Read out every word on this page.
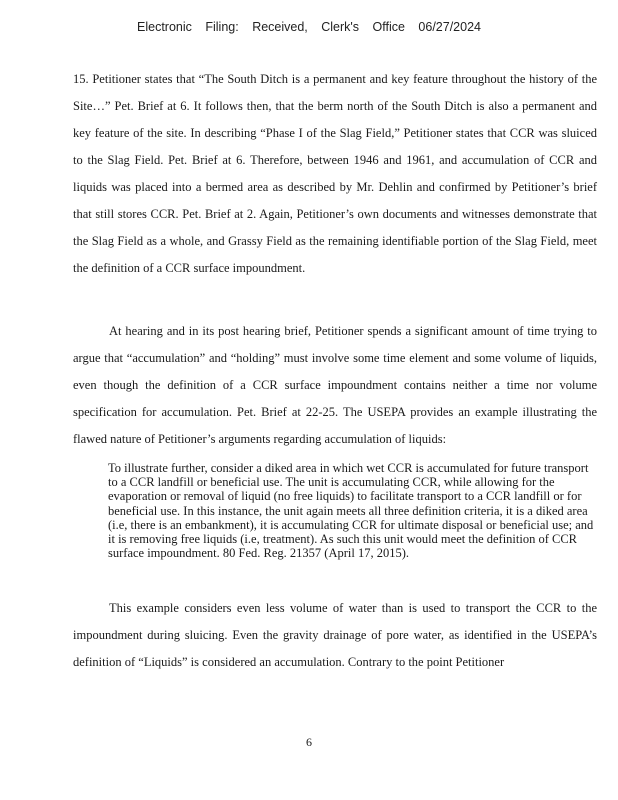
Electronic Filing: Received, Clerk's Office 06/27/2024

15. Petitioner states that “The South Ditch is a permanent and key feature throughout the history of the Site…” Pet. Brief at 6. It follows then, that the berm north of the South Ditch is also a permanent and key feature of the site. In describing “Phase I of the Slag Field,” Petitioner states that CCR was sluiced to the Slag Field. Pet. Brief at 6. Therefore, between 1946 and 1961, and accumulation of CCR and liquids was placed into a bermed area as described by Mr. Dehlin and confirmed by Petitioner’s brief that still stores CCR. Pet. Brief at 2. Again, Petitioner’s own documents and witnesses demonstrate that the Slag Field as a whole, and Grassy Field as the remaining identifiable portion of the Slag Field, meet the definition of a CCR surface impoundment.

At hearing and in its post hearing brief, Petitioner spends a significant amount of time trying to argue that “accumulation” and “holding” must involve some time element and some volume of liquids, even though the definition of a CCR surface impoundment contains neither a time nor volume specification for accumulation. Pet. Brief at 22-25. The USEPA provides an example illustrating the flawed nature of Petitioner’s arguments regarding accumulation of liquids:

To illustrate further, consider a diked area in which wet CCR is accumulated for future transport to a CCR landfill or beneficial use. The unit is accumulating CCR, while allowing for the evaporation or removal of liquid (no free liquids) to facilitate transport to a CCR landfill or for beneficial use. In this instance, the unit again meets all three definition criteria, it is a diked area (i.e, there is an embankment), it is accumulating CCR for ultimate disposal or beneficial use; and it is removing free liquids (i.e, treatment). As such this unit would meet the definition of CCR surface impoundment. 80 Fed. Reg. 21357 (April 17, 2015).

This example considers even less volume of water than is used to transport the CCR to the impoundment during sluicing. Even the gravity drainage of pore water, as identified in the USEPA’s definition of “Liquids” is considered an accumulation. Contrary to the point Petitioner

6
